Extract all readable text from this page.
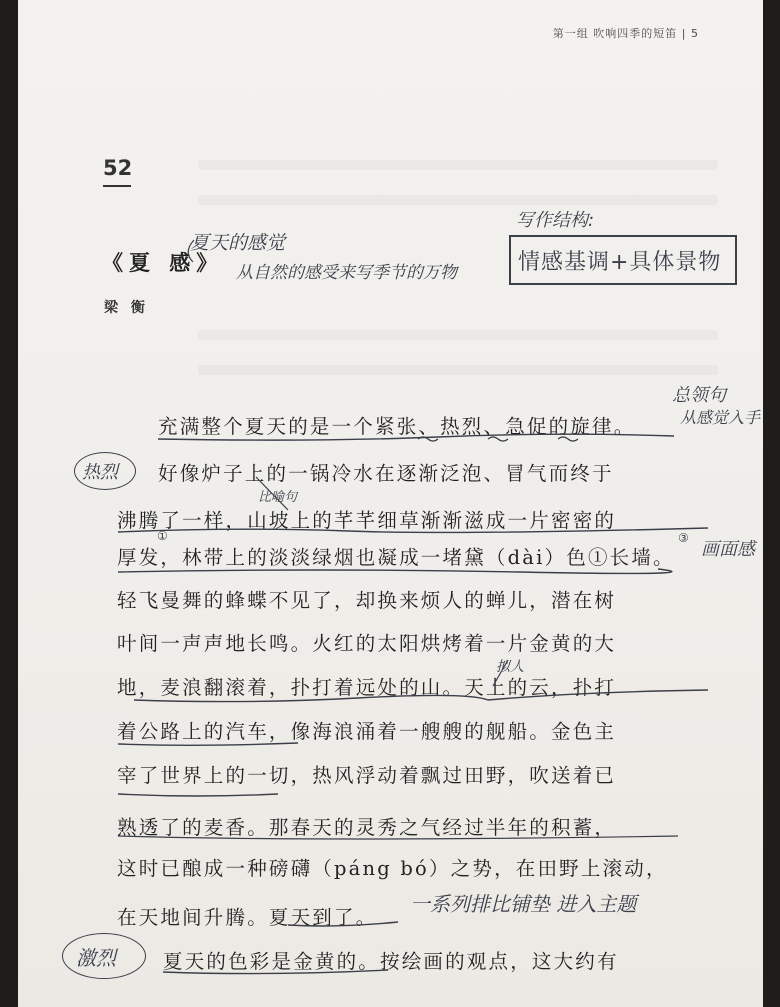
第一组 吹响四季的短笛 | 5
52
《夏 感》
梁 衡
夏天的感觉
从自然的感受来写季节的万物
写作结构:
情感基调+具体景物
充满整个夏天的是一个紧张、热烈、急促的旋律。
好像炉子上的一锅冷水在逐渐泛泡、冒气而终于
沸腾了一样，山坡上的芊芊细草渐渐滋成一片密密的
厚发，林带上的淡淡绿烟也凝成一堵黛（dài）色①长墙。
轻飞曼舞的蜂蝶不见了，却换来烦人的蝉儿，潜在树
叶间一声声地长鸣。火红的太阳烘烤着一片金黄的大
地，麦浪翻滚着，扑打着远处的山。天上的云，扑打
着公路上的汽车，像海浪涌着一艘艘的舰船。金色主
宰了世界上的一切，热风浮动着飘过田野，吹送着已
熟透了的麦香。那春天的灵秀之气经过半年的积蓄，
这时已酿成一种磅礴（páng bó）之势，在田野上滚动，
在天地间升腾。夏天到了。
夏天的色彩是金黄的。按绘画的观点，这大约有
总领句
从感觉入手
热烈
比喻句
①	③
画面感
拟人
一系列排比铺垫 进入主题
激烈
